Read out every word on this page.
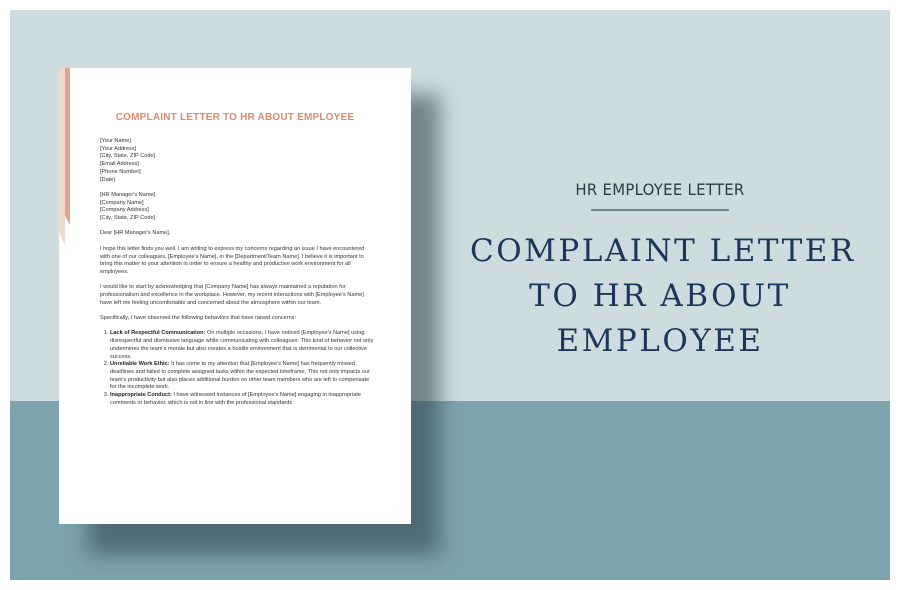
COMPLAINT LETTER TO HR ABOUT EMPLOYEE

[Your Name]
[Your Address]
[City, State, ZIP Code]
[Email Address]
[Phone Number]
[Date]

[HR Manager's Name]
[Company Name]
[Company Address]
[City, State, ZIP Code]

Dear [HR Manager's Name],

I hope this letter finds you well. I am writing to express my concerns regarding an issue I have encountered with one of our colleagues, [Employee's Name], in the [Department/Team Name]. I believe it is important to bring this matter to your attention in order to ensure a healthy and productive work environment for all employees.

I would like to start by acknowledging that [Company Name] has always maintained a reputation for professionalism and excellence in the workplace. However, my recent interactions with [Employee's Name] have left me feeling uncomfortable and concerned about the atmosphere within our team.

Specifically, I have observed the following behaviors that have raised concerns:

1. Lack of Respectful Communication: On multiple occasions, I have noticed [Employee's Name] using disrespectful and dismissive language while communicating with colleagues. This kind of behavior not only undermines the team's morale but also creates a hostile environment that is detrimental to our collective success.
2. Unreliable Work Ethic: It has come to my attention that [Employee's Name] has frequently missed deadlines and failed to complete assigned tasks within the expected timeframe. This not only impacts our team's productivity but also places additional burden on other team members who are left to compensate for the incomplete work.
3. Inappropriate Conduct: I have witnessed instances of [Employee's Name] engaging in inappropriate comments or behavior, which is not in line with the professional standards
HR EMPLOYEE LETTER
COMPLAINT LETTER
TO HR ABOUT
EMPLOYEE
